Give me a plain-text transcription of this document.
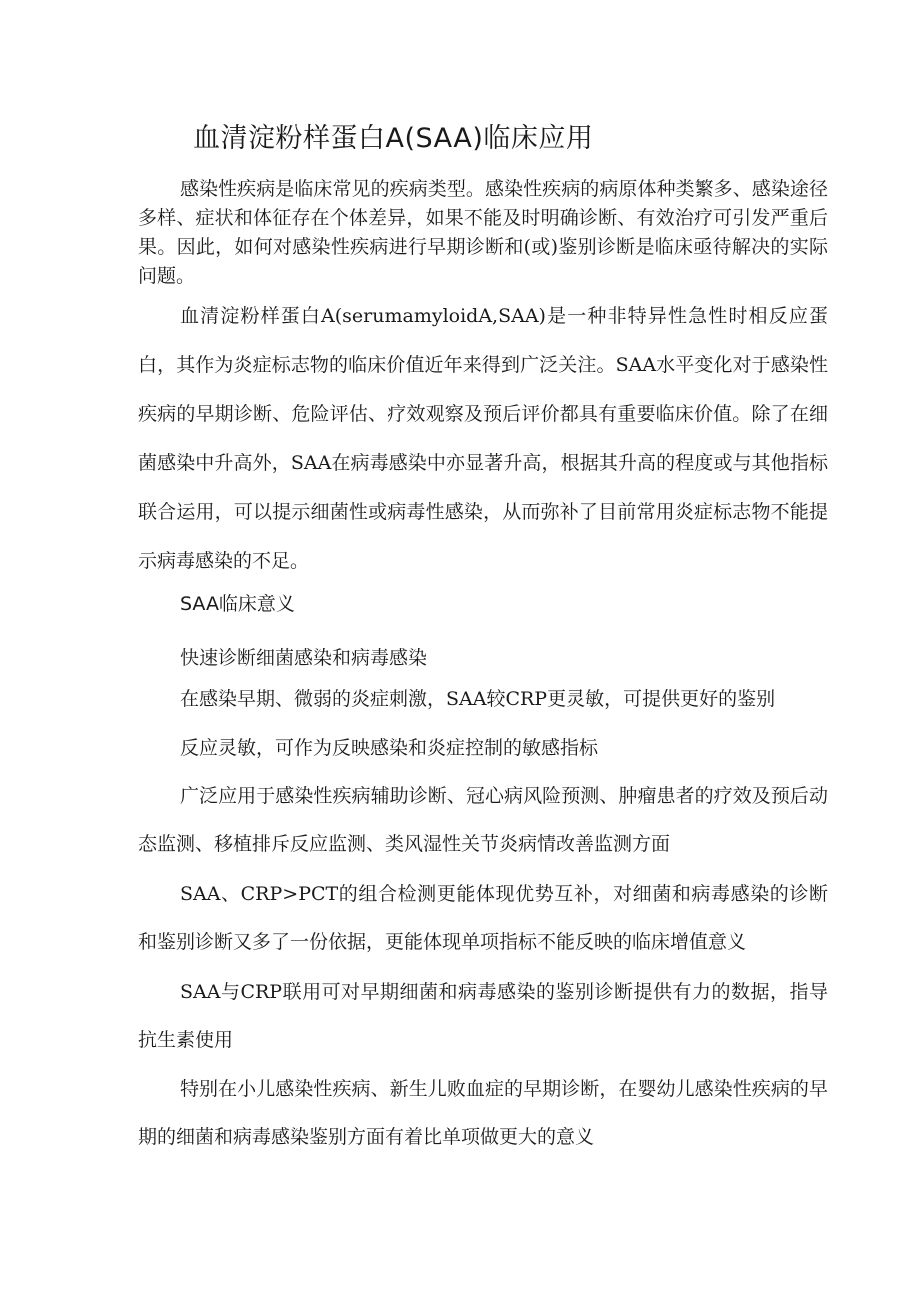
血清淀粉样蛋白A(SAA)临床应用

感染性疾病是临床常见的疾病类型。感染性疾病的病原体种类繁多、感染途径多样、症状和体征存在个体差异，如果不能及时明确诊断、有效治疗可引发严重后果。因此，如何对感染性疾病进行早期诊断和(或)鉴别诊断是临床亟待解决的实际问题。

血清淀粉样蛋白A(serumamyloidA,SAA)是一种非特异性急性时相反应蛋白，其作为炎症标志物的临床价值近年来得到广泛关注。SAA水平变化对于感染性疾病的早期诊断、危险评估、疗效观察及预后评价都具有重要临床价值。除了在细菌感染中升高外，SAA在病毒感染中亦显著升高，根据其升高的程度或与其他指标联合运用，可以提示细菌性或病毒性感染，从而弥补了目前常用炎症标志物不能提示病毒感染的不足。

SAA临床意义

快速诊断细菌感染和病毒感染

在感染早期、微弱的炎症刺激，SAA较CRP更灵敏，可提供更好的鉴别

反应灵敏，可作为反映感染和炎症控制的敏感指标

广泛应用于感染性疾病辅助诊断、冠心病风险预测、肿瘤患者的疗效及预后动态监测、移植排斥反应监测、类风湿性关节炎病情改善监测方面

SAA、CRP>PCT的组合检测更能体现优势互补，对细菌和病毒感染的诊断和鉴别诊断又多了一份依据，更能体现单项指标不能反映的临床增值意义

SAA与CRP联用可对早期细菌和病毒感染的鉴别诊断提供有力的数据，指导抗生素使用

特别在小儿感染性疾病、新生儿败血症的早期诊断，在婴幼儿感染性疾病的早期的细菌和病毒感染鉴别方面有着比单项做更大的意义
